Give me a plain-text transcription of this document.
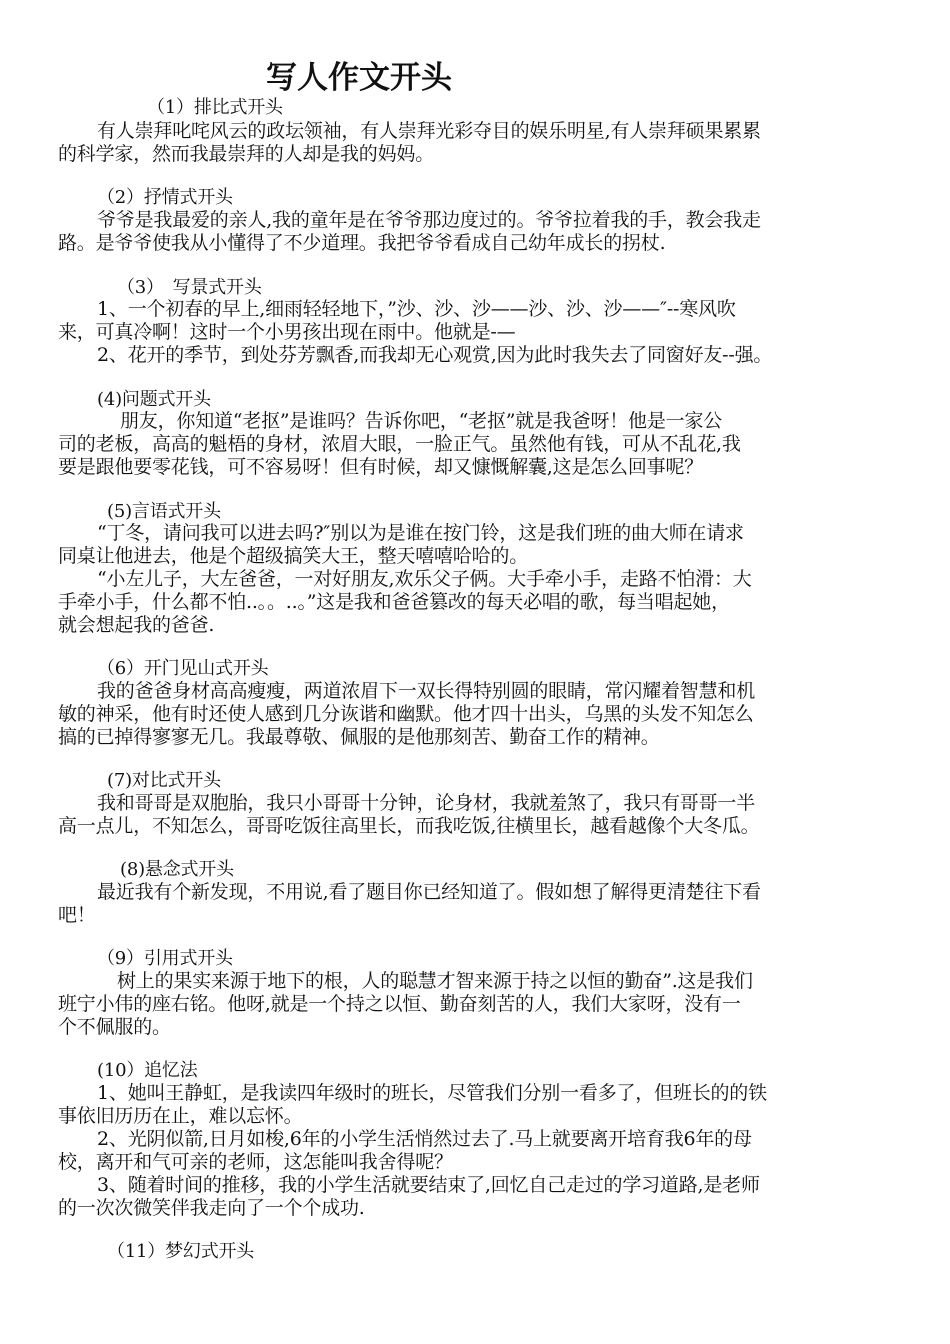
写人作文开头
（1）排比式开头
有人崇拜叱咤风云的政坛领袖，有人崇拜光彩夺目的娱乐明星,有人崇拜硕果累累
的科学家，然而我最崇拜的人却是我的妈妈。
（2）抒情式开头
爷爷是我最爱的亲人,我的童年是在爷爷那边度过的。爷爷拉着我的手，教会我走
路。是爷爷使我从小懂得了不少道理。我把爷爷看成自己幼年成长的拐杖.
（3）　写景式开头
1、一个初春的早上,细雨轻轻地下，”沙、沙、沙——沙、沙、沙——″--寒风吹
来，可真冷啊！这时一个小男孩出现在雨中。他就是-—
2、花开的季节，到处芬芳飘香,而我却无心观赏,因为此时我失去了同窗好友--强。
(4)问题式开头
朋友，你知道“老抠”是谁吗？告诉你吧，“老抠”就是我爸呀！他是一家公
司的老板，高高的魁梧的身材，浓眉大眼，一脸正气。虽然他有钱，可从不乱花,我
要是跟他要零花钱，可不容易呀！但有时候，却又慷慨解囊,这是怎么回事呢？
(5)言语式开头
“丁冬，请问我可以进去吗?″别以为是谁在按门铃，这是我们班的曲大师在请求
同桌让他进去，他是个超级搞笑大王，整天嘻嘻哈哈的。
“小左儿子，大左爸爸，一对好朋友,欢乐父子俩。大手牵小手，走路不怕滑：大
手牵小手，什么都不怕..。。..。”这是我和爸爸篡改的每天必唱的歌，每当唱起她，
就会想起我的爸爸.
（6）开门见山式开头
我的爸爸身材高高瘦瘦，两道浓眉下一双长得特别圆的眼睛，常闪耀着智慧和机
敏的神采，他有时还使人感到几分诙谐和幽默。他才四十出头，乌黑的头发不知怎么
搞的已掉得寥寥无几。我最尊敬、佩服的是他那刻苦、勤奋工作的精神。
(7)对比式开头
我和哥哥是双胞胎，我只小哥哥十分钟，论身材，我就羞煞了，我只有哥哥一半
高一点儿，不知怎么，哥哥吃饭往高里长，而我吃饭,往横里长，越看越像个大冬瓜。
(8)悬念式开头
最近我有个新发现，不用说,看了题目你已经知道了。假如想了解得更清楚往下看
吧！
（9）引用式开头
树上的果实来源于地下的根，人的聪慧才智来源于持之以恒的勤奋”.这是我们
班宁小伟的座右铭。他呀,就是一个持之以恒、勤奋刻苦的人，我们大家呀，没有一
个不佩服的。
(10）追忆法
1、她叫王静虹，是我读四年级时的班长，尽管我们分别一看多了，但班长的的铁
事依旧历历在止，难以忘怀。
2、光阴似箭,日月如梭,6年的小学生活悄然过去了.马上就要离开培育我6年的母
校，离开和气可亲的老师，这怎能叫我舍得呢？
3、随着时间的推移，我的小学生活就要结束了,回忆自己走过的学习道路,是老师
的一次次微笑伴我走向了一个个成功.
（11）梦幻式开头
